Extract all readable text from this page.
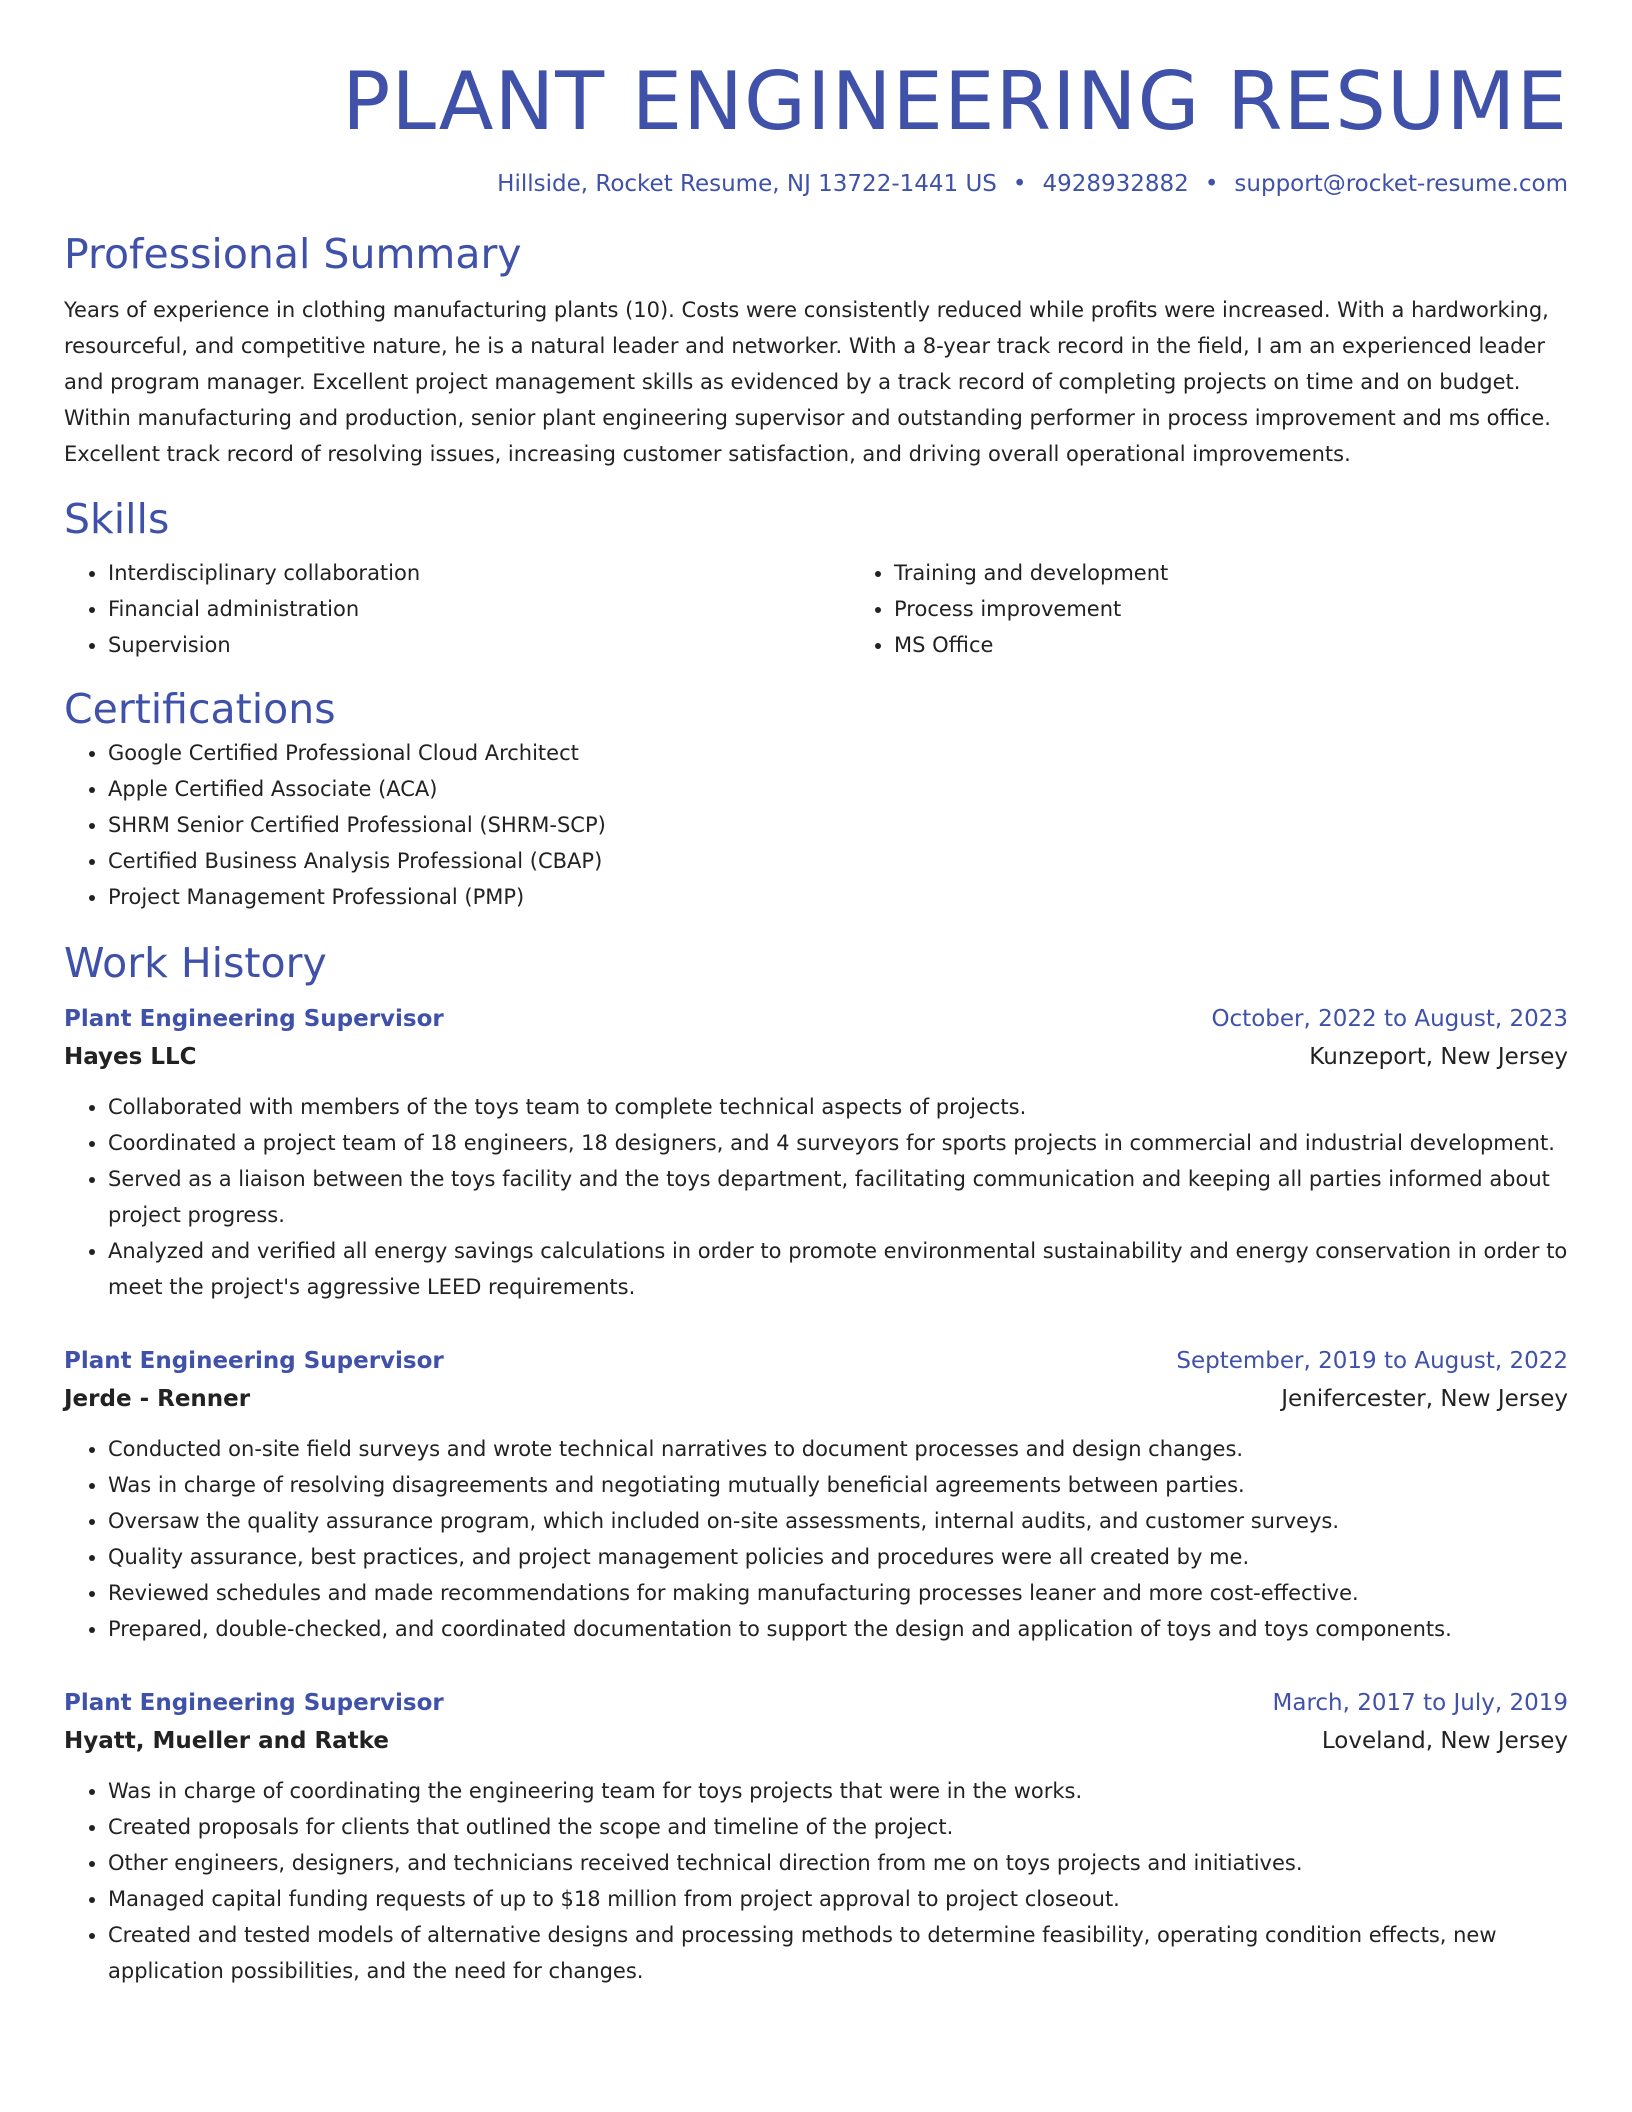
PLANT ENGINEERING RESUME
Hillside, Rocket Resume, NJ 13722-1441 US • 4928932882 • support@rocket-resume.com
Professional Summary

Years of experience in clothing manufacturing plants (10). Costs were consistently reduced while profits were increased. With a hardworking, resourceful, and competitive nature, he is a natural leader and networker. With a 8-year track record in the field, I am an experienced leader and program manager. Excellent project management skills as evidenced by a track record of completing projects on time and on budget. Within manufacturing and production, senior plant engineering supervisor and outstanding performer in process improvement and ms office. Excellent track record of resolving issues, increasing customer satisfaction, and driving overall operational improvements.

Skills
• Interdisciplinary collaboration
• Financial administration
• Supervision
• Training and development
• Process improvement
• MS Office
Certifications
• Google Certified Professional Cloud Architect
• Apple Certified Associate (ACA)
• SHRM Senior Certified Professional (SHRM-SCP)
• Certified Business Analysis Professional (CBAP)
• Project Management Professional (PMP)
Work History
Plant Engineering Supervisor	October, 2022 to August, 2023
Hayes LLC	Kunzeport, New Jersey
• Collaborated with members of the toys team to complete technical aspects of projects.
• Coordinated a project team of 18 engineers, 18 designers, and 4 surveyors for sports projects in commercial and industrial development.
• Served as a liaison between the toys facility and the toys department, facilitating communication and keeping all parties informed about project progress.
• Analyzed and verified all energy savings calculations in order to promote environmental sustainability and energy conservation in order to meet the project's aggressive LEED requirements.
Plant Engineering Supervisor	September, 2019 to August, 2022
Jerde - Renner	Jenifercester, New Jersey
• Conducted on-site field surveys and wrote technical narratives to document processes and design changes.
• Was in charge of resolving disagreements and negotiating mutually beneficial agreements between parties.
• Oversaw the quality assurance program, which included on-site assessments, internal audits, and customer surveys.
• Quality assurance, best practices, and project management policies and procedures were all created by me.
• Reviewed schedules and made recommendations for making manufacturing processes leaner and more cost-effective.
• Prepared, double-checked, and coordinated documentation to support the design and application of toys and toys components.
Plant Engineering Supervisor	March, 2017 to July, 2019
Hyatt, Mueller and Ratke	Loveland, New Jersey
• Was in charge of coordinating the engineering team for toys projects that were in the works.
• Created proposals for clients that outlined the scope and timeline of the project.
• Other engineers, designers, and technicians received technical direction from me on toys projects and initiatives.
• Managed capital funding requests of up to $18 million from project approval to project closeout.
• Created and tested models of alternative designs and processing methods to determine feasibility, operating condition effects, new application possibilities, and the need for changes.
